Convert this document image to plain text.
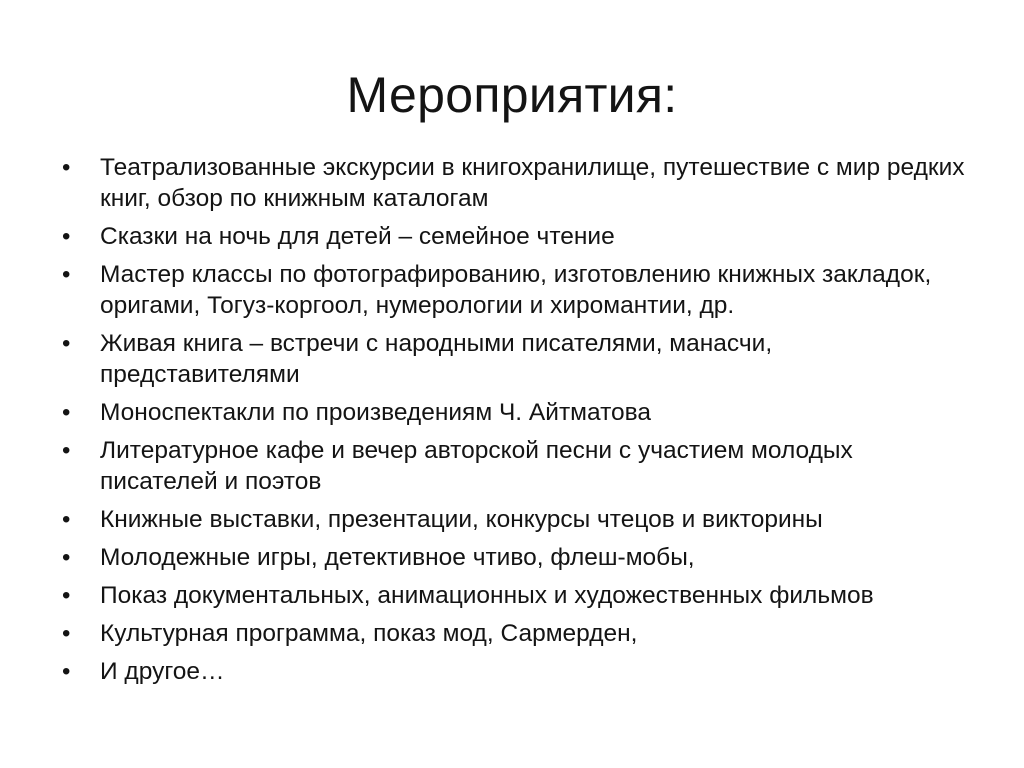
Мероприятия:
•	Театрализованные экскурсии в книгохранилище, путешествие с мир редких книг, обзор по книжным каталогам
•	Сказки на ночь для детей – семейное чтение
•	Мастер классы по фотографированию, изготовлению книжных закладок, оригами, Тогуз-коргоол, нумерологии и хиромантии, др.
•	Живая книга – встречи с народными писателями, манасчи, представителями
•	Моноспектакли по произведениям Ч. Айтматова
•	Литературное кафе и вечер авторской песни с участием молодых писателей и поэтов
•	Книжные выставки, презентации, конкурсы чтецов и викторины
•	Молодежные игры, детективное чтиво, флеш-мобы,
•	Показ документальных, анимационных и художественных фильмов
•	Культурная программа, показ мод, Сармерден,
•	И другое…
